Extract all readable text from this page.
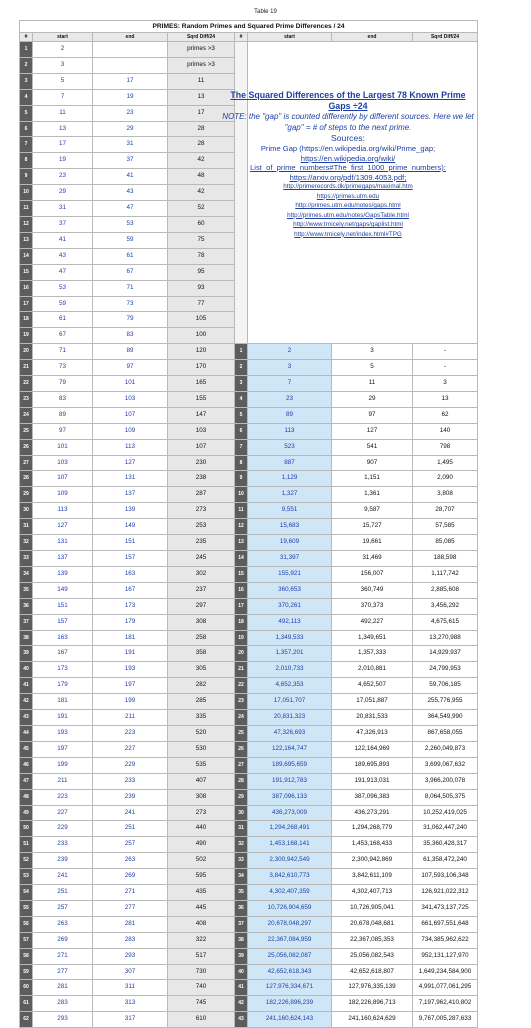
Table 19
PRIMES: Random Primes and Squared Prime Differences / 24							
#	start	end	Sqrd Diff/24	#	start	end	Sqrd Diff/24
1	2		primes >3				
2	3		primes >3				
3	5	17	11				
4	7	19	13				
5	11	23	17				
6	13	29	28				
7	17	31	28				
8	19	37	42				
9	23	41	48				
10	29	43	42				
11	31	47	52				
12	37	53	60				
13	41	59	75				
14	43	61	78				
15	47	67	95				
16	53	71	93				
17	59	73	77				
18	61	79	105				
19	67	83	100				
20	71	89	120	1	2	3	-
21	73	97	170	2	3	5	-
22	79	101	165	3	7	11	3
23	83	103	155	4	23	29	13
24	89	107	147	5	89	97	62
25	97	109	103	6	113	127	140
26	101	113	107	7	523	541	798
27	103	127	230	8	887	907	1,495
28	107	131	238	9	1,129	1,151	2,090
29	109	137	287	10	1,327	1,361	3,808
30	113	139	273	11	9,551	9,587	28,707
31	127	149	253	12	15,683	15,727	57,585
32	131	151	235	13	19,609	19,661	85,085
33	137	157	245	14	31,397	31,469	188,598
34	139	163	302	15	155,921	156,007	1,117,742
35	149	167	237	16	360,653	360,749	2,885,608
36	151	173	297	17	370,261	370,373	3,456,292
37	157	179	308	18	492,113	492,227	4,675,615
38	163	181	258	19	1,349,533	1,349,651	13,270,988
39	167	191	358	20	1,357,201	1,357,333	14,929,937
40	173	193	305	21	2,010,733	2,010,881	24,799,953
41	179	197	282	22	4,652,353	4,652,507	59,706,185
42	181	199	285	23	17,051,707	17,051,887	255,776,955
43	191	211	335	24	20,831,323	20,831,533	364,549,990
44	193	223	520	25	47,326,693	47,326,913	867,658,055
45	197	227	530	26	122,164,747	122,164,969	2,260,049,873
46	199	229	535	27	189,695,659	189,695,893	3,699,067,632
47	211	233	407	28	191,912,783	191,913,031	3,966,200,078
48	223	239	308	29	387,096,133	387,096,383	8,064,505,375
49	227	241	273	30	436,273,009	436,273,291	10,252,419,025
50	229	251	440	31	1,294,268,491	1,294,268,779	31,062,447,240
51	233	257	490	32	1,453,168,141	1,453,168,433	35,360,428,317
52	239	263	502	33	2,300,942,549	2,300,942,869	61,358,472,240
53	241	269	595	34	3,842,610,773	3,842,611,109	107,593,106,348
54	251	271	435	35	4,302,407,359	4,302,407,713	126,921,022,312
55	257	277	445	36	10,726,904,659	10,726,905,041	341,473,137,725
56	263	281	408	37	20,678,048,297	20,678,048,681	661,697,551,648
57	269	283	322	38	22,367,084,959	22,367,085,353	734,385,962,622
58	271	293	517	39	25,056,082,087	25,056,082,543	952,131,127,970
59	277	307	730	40	42,652,618,343	42,652,618,807	1,649,234,584,900
60	281	311	740	41	127,976,334,671	127,976,335,139	4,991,077,061,295
61	283	313	745	42	182,226,896,239	182,226,896,713	7,197,962,410,802
62	293	317	610	43	241,160,624,143	241,160,624,629	9,767,005,287,633
The Squared Differences of the Largest 78 Known Prime Gaps ÷24
NOTE: the "gap" is counted differently by different sources. Here we let "gap" = # of steps to the next prime.
Sources:
Prime Gap (https://en.wikipedia.org/wiki/Prime_gap;
https://en.wikipedia.org/wiki/
List_of_prime_numbers#The_first_1000_prime_numbers):
https://arxiv.org/pdf/1309.4053.pdf;
http://primerecords.dk/primegaps/maximal.htm
https://primes.utm.edu
http://primes.utm.edu/notes/gaps.html
http://primes.utm.edu/notes/GapsTable.html
http://www.trnicely.net/gaps/gaplist.html
http://www.trnicely.net/index.html#TPG
